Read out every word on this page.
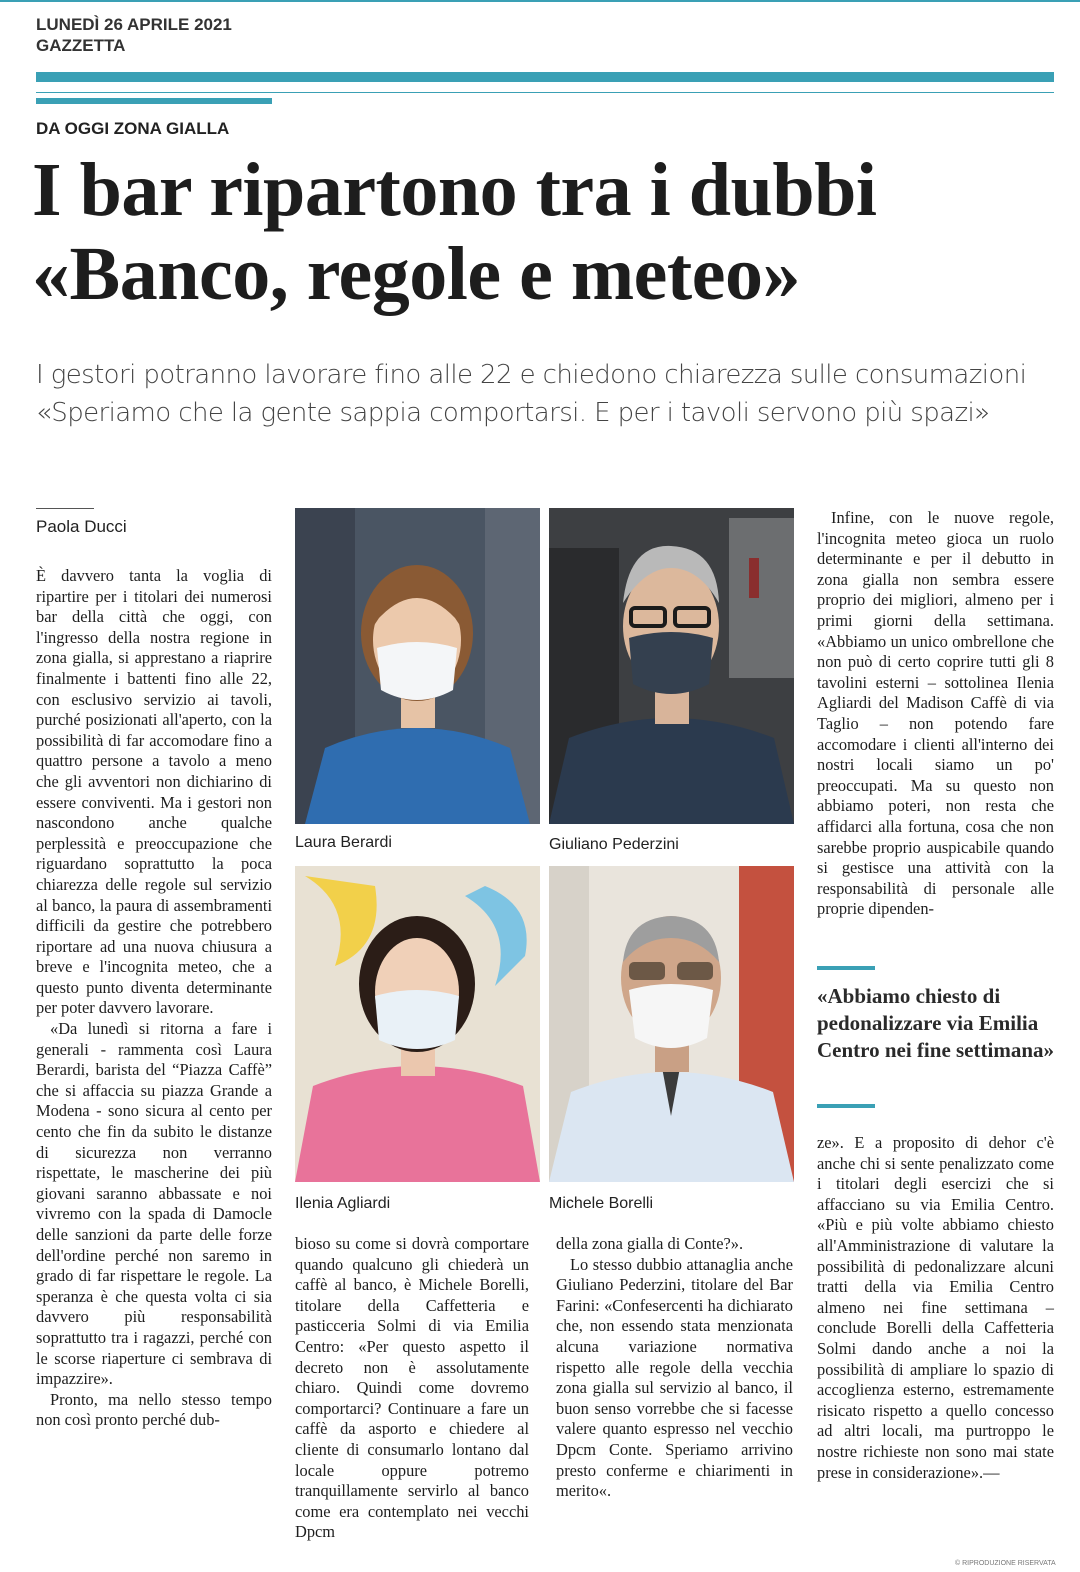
LUNEDÌ 26 APRILE 2021
GAZZETTA
DA OGGI ZONA GIALLA
I bar ripartono tra i dubbi
«Banco, regole e meteo»
I gestori potranno lavorare fino alle 22 e chiedono chiarezza sulle consumazioni
«Speriamo che la gente sappia comportarsi. E per i tavoli servono più spazi»
Paola Ducci

È davvero tanta la voglia di ripartire per i titolari dei numerosi bar della città che oggi, con l'ingresso della nostra regione in zona gialla, si apprestano a riaprire finalmente i battenti fino alle 22, con esclusivo servizio ai tavoli, purché posizionati all'aperto, con la possibilità di far accomodare fino a quattro persone a tavolo a meno che gli avventori non dichiarino di essere conviventi. Ma i gestori non nascondono anche qualche perplessità e preoccupazione che riguardano soprattutto la poca chiarezza delle regole sul servizio al banco, la paura di assembramenti difficili da gestire che potrebbero riportare ad una nuova chiusura a breve e l'incognita meteo, che a questo punto diventa determinante per poter davvero lavorare.

«Da lunedì si ritorna a fare i generali - rammenta così Laura Berardi, barista del “Piazza Caffè” che si affaccia su piazza Grande a Modena - sono sicura al cento per cento che fin da subito le distanze di sicurezza non verranno rispettate, le mascherine dei più giovani saranno abbassate e noi vivremo con la spada di Damocle delle sanzioni da parte delle forze dell'ordine perché non saremo in grado di far rispettare le regole. La speranza è che questa volta ci sia davvero più responsabilità soprattutto tra i ragazzi, perché con le scorse riaperture ci sembrava di impazzire».

Pronto, ma nello stesso tempo non così pronto perché dub-

Laura Berardi	Giuliano Pederzini
Ilenia Agliardi	Michele Borelli

bioso su come si dovrà comportare quando qualcuno gli chiederà un caffè al banco, è Michele Borelli, titolare della Caffetteria e pasticceria Solmi di via Emilia Centro: «Per questo aspetto il decreto non è assolutamente chiaro. Quindi come dovremo comportarci? Continuare a fare un caffè da asporto e chiedere al cliente di consumarlo lontano dal locale oppure potremo tranquillamente servirlo al banco come era contemplato nei vecchi Dpcm

della zona gialla di Conte?».

Lo stesso dubbio attanaglia anche Giuliano Pederzini, titolare del Bar Farini: «Confesercenti ha dichiarato che, non essendo stata menzionata alcuna variazione normativa rispetto alle regole della vecchia zona gialla sul servizio al banco, il buon senso vorrebbe che si facesse valere quanto espresso nel vecchio Dpcm Conte. Speriamo arrivino presto conferme e chiarimenti in merito«.

Infine, con le nuove regole, l'incognita meteo gioca un ruolo determinante e per il debutto in zona gialla non sembra essere proprio dei migliori, almeno per i primi giorni della settimana. «Abbiamo un unico ombrellone che non può di certo coprire tutti gli 8 tavolini esterni – sottolinea Ilenia Agliardi del Madison Caffè di via Taglio – non potendo fare accomodare i clienti all'interno dei nostri locali siamo un po' preoccupati. Ma su questo non abbiamo poteri, non resta che affidarci alla fortuna, cosa che non sarebbe proprio auspicabile quando si gestisce una attività con la responsabilità di personale alle proprie dipenden-

«Abbiamo chiesto di pedonalizzare via Emilia Centro nei fine settimana»

ze». E a proposito di dehor c'è anche chi si sente penalizzato come i titolari degli esercizi che si affacciano su via Emilia Centro. «Più e più volte abbiamo chiesto all'Amministrazione di valutare la possibilità di pedonalizzare alcuni tratti della via Emilia Centro almeno nei fine settimana – conclude Borelli della Caffetteria Solmi dando anche a noi la possibilità di ampliare lo spazio di accoglienza esterno, estremamente risicato rispetto a quello concesso ad altri locali, ma purtroppo le nostre richieste non sono mai state prese in considerazione».—

© RIPRODUZIONE RISERVATA
